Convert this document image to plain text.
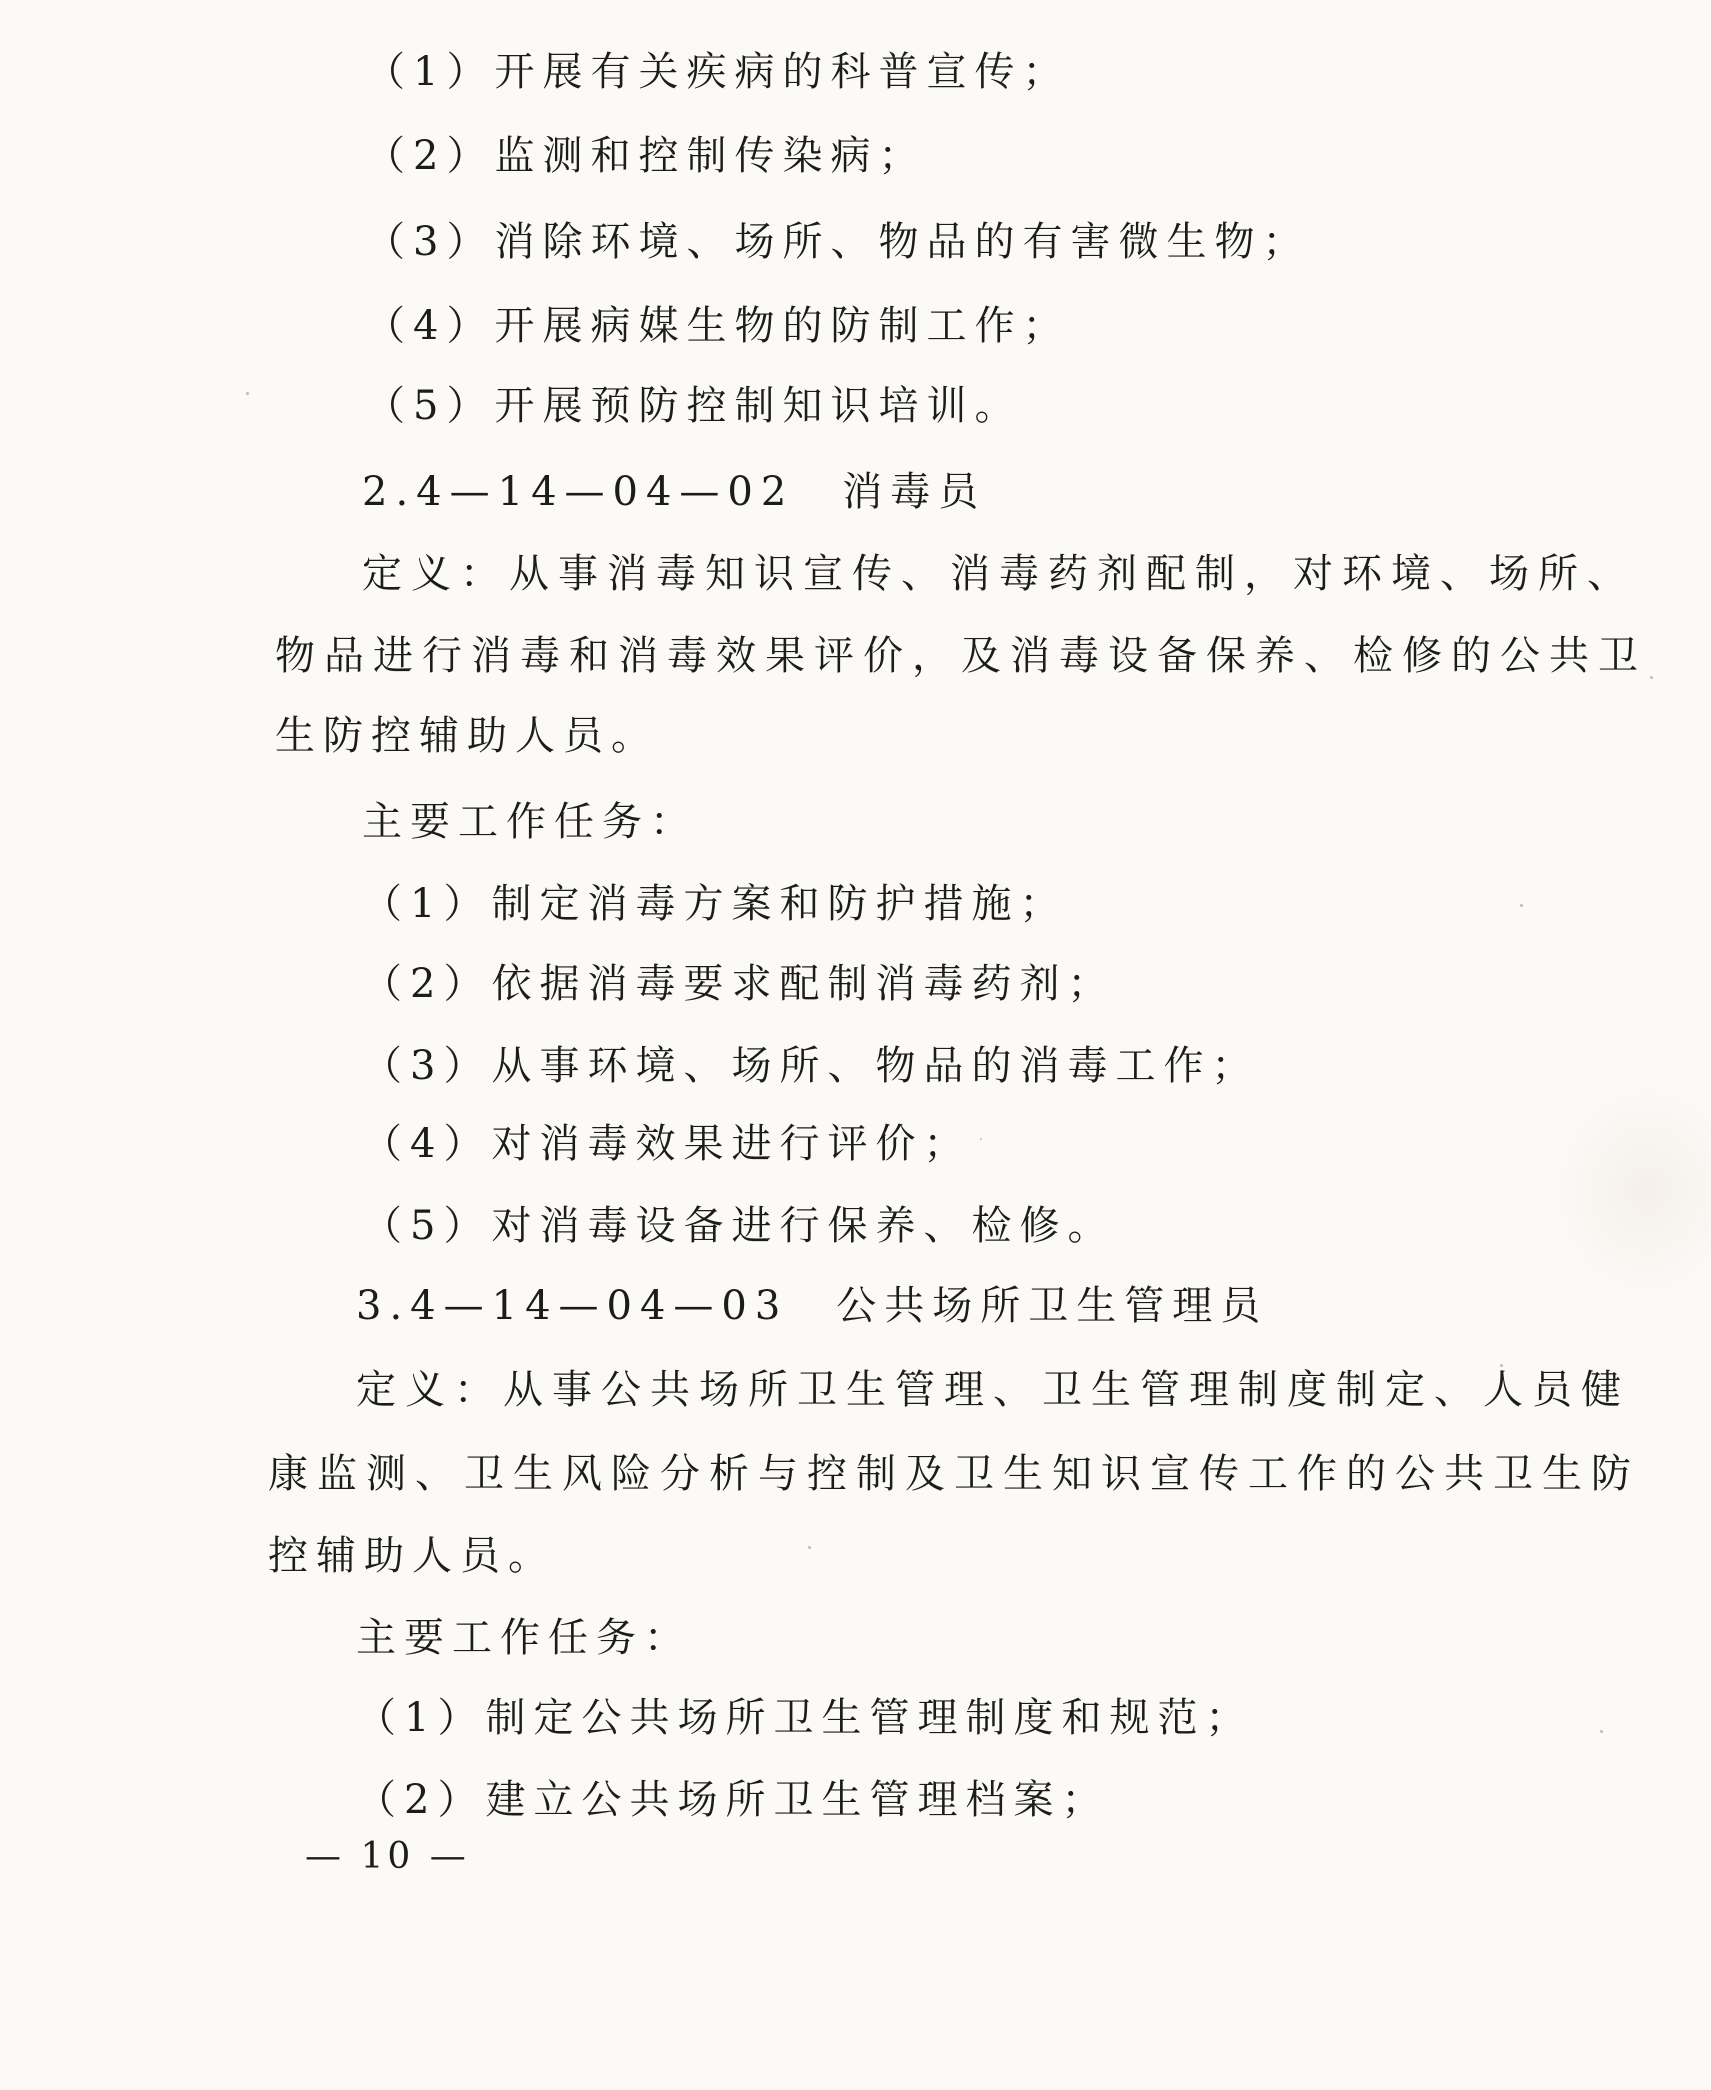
（1）开展有关疾病的科普宣传；
（2）监测和控制传染病；
（3）消除环境、场所、物品的有害微生物；
（4）开展病媒生物的防制工作；
（5）开展预防控制知识培训。
2.4—14—04—02　消毒员
定义：从事消毒知识宣传、消毒药剂配制，对环境、场所、
物品进行消毒和消毒效果评价，及消毒设备保养、检修的公共卫
生防控辅助人员。
主要工作任务：
（1）制定消毒方案和防护措施；
（2）依据消毒要求配制消毒药剂；
（3）从事环境、场所、物品的消毒工作；
（4）对消毒效果进行评价；
（5）对消毒设备进行保养、检修。
3.4—14—04—03　公共场所卫生管理员
定义：从事公共场所卫生管理、卫生管理制度制定、人员健
康监测、卫生风险分析与控制及卫生知识宣传工作的公共卫生防
控辅助人员。
主要工作任务：
（1）制定公共场所卫生管理制度和规范；
（2）建立公共场所卫生管理档案；
— 10 —
